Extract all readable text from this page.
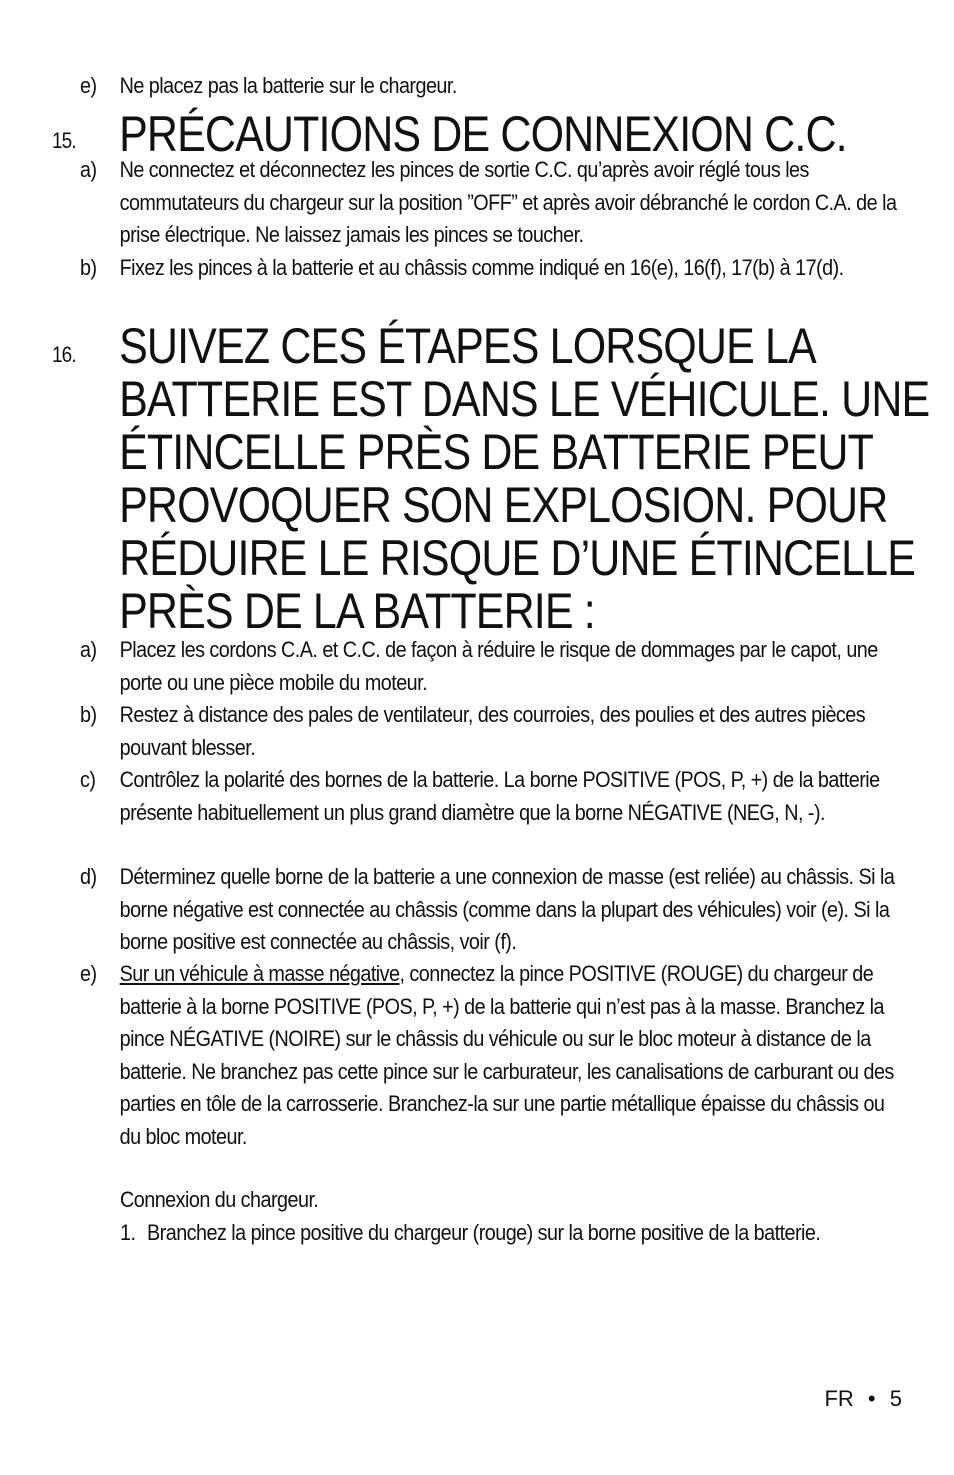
e) Ne placez pas la batterie sur le chargeur.
15. PRÉCAUTIONS DE CONNEXION C.C.
a) Ne connectez et déconnectez les pinces de sortie C.C. qu’après avoir réglé tous les commutateurs du chargeur sur la position ”OFF” et après avoir débranché le cordon C.A. de la prise électrique. Ne laissez jamais les pinces se toucher.
b) Fixez les pinces à la batterie et au châssis comme indiqué en 16(e), 16(f), 17(b) à 17(d).
16. SUIVEZ CES ÉTAPES LORSQUE LA BATTERIE EST DANS LE VÉHICULE. UNE ÉTINCELLE PRÈS DE BATTERIE PEUT PROVOQUER SON EXPLOSION. POUR RÉDUIRE LE RISQUE D’UNE ÉTINCELLE PRÈS DE LA BATTERIE :
a) Placez les cordons C.A. et C.C. de façon à réduire le risque de dommages par le capot, une porte ou une pièce mobile du moteur.
b) Restez à distance des pales de ventilateur, des courroies, des poulies et des autres pièces pouvant blesser.
c) Contrôlez la polarité des bornes de la batterie. La borne POSITIVE (POS, P, +) de la batterie présente habituellement un plus grand diamètre que la borne NÉGATIVE (NEG, N, -).
d) Déterminez quelle borne de la batterie a une connexion de masse (est reliée) au châssis. Si la borne négative est connectée au châssis (comme dans la plupart des véhicules) voir (e). Si la borne positive est connectée au châssis, voir (f).
e) Sur un véhicule à masse négative, connectez la pince POSITIVE (ROUGE) du chargeur de batterie à la borne POSITIVE (POS, P, +) de la batterie qui n’est pas à la masse. Branchez la pince NÉGATIVE (NOIRE) sur le châssis du véhicule ou sur le bloc moteur à distance de la batterie. Ne branchez pas cette pince sur le carburateur, les canalisations de carburant ou des parties en tôle de la carrosserie. Branchez-la sur une partie métallique épaisse du châssis ou du bloc moteur.
Connexion du chargeur.
1. Branchez la pince positive du chargeur (rouge) sur la borne positive de la batterie.
FR • 5
